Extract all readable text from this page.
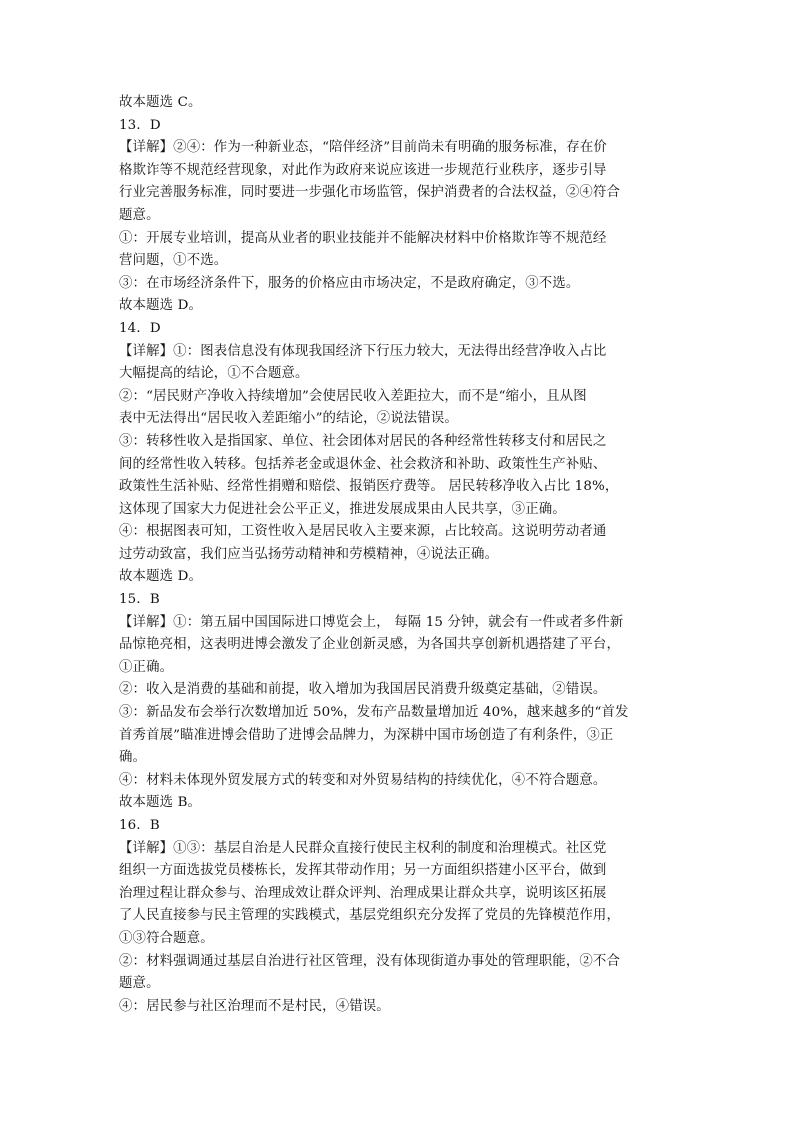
故本题选 C。
13．D
【详解】②④：作为一种新业态，“陪伴经济”目前尚未有明确的服务标准，存在价
格欺诈等不规范经营现象，对此作为政府来说应该进一步规范行业秩序，逐步引导
行业完善服务标准，同时要进一步强化市场监管，保护消费者的合法权益，②④符合
题意。
①：开展专业培训，提高从业者的职业技能并不能解决材料中价格欺诈等不规范经
营问题，①不选。
③：在市场经济条件下，服务的价格应由市场决定，不是政府确定，③不选。
故本题选 D。
14．D
【详解】①：图表信息没有体现我国经济下行压力较大，无法得出经营净收入占比
大幅提高的结论，①不合题意。
②：“居民财产净收入持续增加”会使居民收入差距拉大，而不是“缩小，且从图
表中无法得出“居民收入差距缩小”的结论，②说法错误。
③：转移性收入是指国家、单位、社会团体对居民的各种经常性转移支付和居民之
间的经常性收入转移。包括养老金或退休金、社会救济和补助、政策性生产补贴、
政策性生活补贴、经常性捐赠和赔偿、报销医疗费等。 居民转移净收入占比 18%，
这体现了国家大力促进社会公平正义，推进发展成果由人民共享，③正确。
④：根据图表可知，工资性收入是居民收入主要来源，占比较高。这说明劳动者通
过劳动致富，我们应当弘扬劳动精神和劳模精神，④说法正确。
故本题选 D。
15．B
【详解】①：第五届中国国际进口博览会上， 每隔 15 分钟，就会有一件或者多件新
品惊艳亮相，这表明进博会激发了企业创新灵感，为各国共享创新机遇搭建了平台，
①正确。
②：收入是消费的基础和前提，收入增加为我国居民消费升级奠定基础，②错误。
③：新品发布会举行次数增加近 50%，发布产品数量增加近 40%，越来越多的“首发
首秀首展”瞄准进博会借助了进博会品牌力，为深耕中国市场创造了有利条件，③正
确。
④：材料未体现外贸发展方式的转变和对外贸易结构的持续优化，④不符合题意。
故本题选 B。
16．B
【详解】①③：基层自治是人民群众直接行使民主权利的制度和治理模式。社区党
组织一方面选拔党员楼栋长，发挥其带动作用；另一方面组织搭建小区平台，做到
治理过程让群众参与、治理成效让群众评判、治理成果让群众共享，说明该区拓展
了人民直接参与民主管理的实践模式，基层党组织充分发挥了党员的先锋模范作用，
①③符合题意。
②：材料强调通过基层自治进行社区管理，没有体现街道办事处的管理职能，②不合
题意。
④：居民参与社区治理而不是村民，④错误。
